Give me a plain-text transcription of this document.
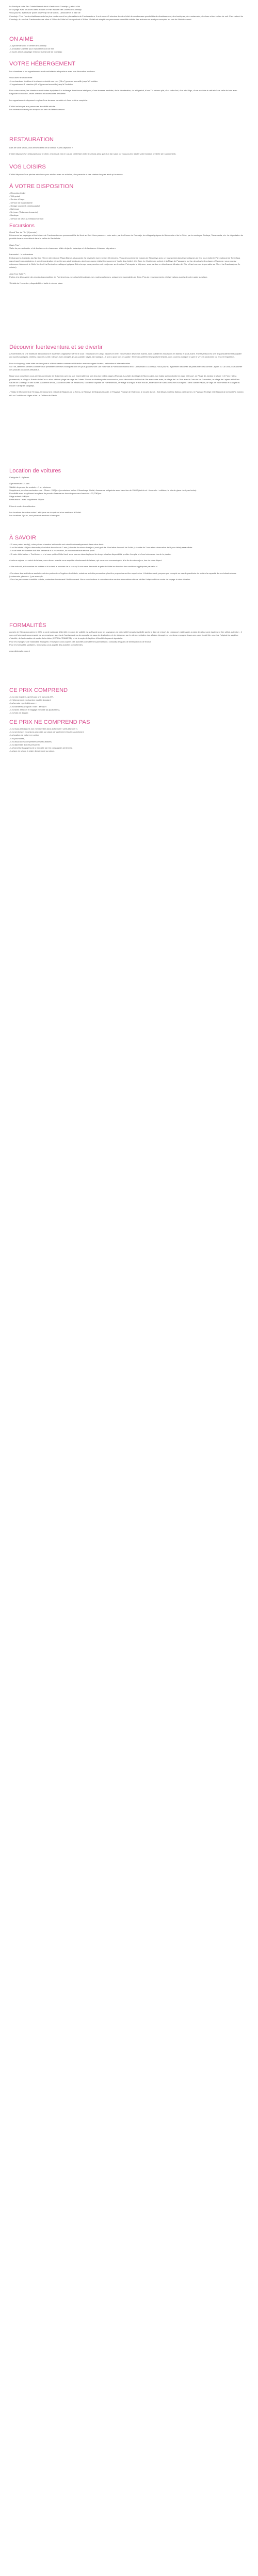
Le Boutique Hotel Tao Caleta Mar est situé à l'entrée de Corralejo, juste à côté
de la plage avec un accès direct et dans le Parc Naturel des Dunes de Corralejo.
Vous pourrez apercevoir (voire observer) l'île de Lobos, Lanzarote et la baie de
Corralejo. C'est l'un des établissements les plus modernes et les plus raffinés de Fuerteventura. Il se trouve à 5 minutes de votre hôtel de nombreuses possibilités de divertissement, des boutiques, des restaurants, des bars et des boîtes de nuit. Parc naturel de Corralejo, du nord de Fuerteventura se situe à 29 km de l'hôtel et l'aéroport est à 36 km. L'hôtel est adapté aux personnes à mobilité réduite. Les animaux ne sont pas acceptés au sein de l'établissement.

ON AIME

- La proximité avec le centre de Corralejo
- La situation parfaite pour explorer le nord de l'île
- L'accès direct à la plage et la vue sur la baie de Corralejo

VOTRE HÉBERGEMENT

Les chambres et les appartements sont confortables et spacieux avec une décoration moderne.

Vous aurez le choix entre :
- Les chambres doubles et la chambre double vue mer (28 m²) pouvant accueillir jusqu'à 3 adultes
- L'appartement 1 chambre (40 m²) pouvant accueillir jusqu'à 3 adultes

Pour votre confort, les chambres sont toutes équipées d'un éclairage d'ambiance intelligent, d'une terrasse meublée, de la climatisation, du wifi gratuit, d'une TV à écran plat, d'un coffre-fort, d'un mini-frigo, d'une machine à café et d'une salle de bain avec baignoire ou douche, sèche-cheveux et accessoires de toilette.

Les appartements disposent en plus d'une terrasse meublée et d'une cuisine complète.

L'hôtel est adapté aux personnes à mobilité réduite.
Les animaux ne sont pas acceptés au sein de l'établissement.

RESTAURATION

Lors de votre séjour, vous bénéficierez de la formule « petit-déjeuner ».

L'hôtel dispose d'un restaurant pour le dîner, d'un snack bar en cas de petite faim entre les repas ainsi que d'un bar salon où vous pourrez siroter votre boisson préférée (en supplément).

VOS LOISIRS

L'hôtel dispose d'une piscine extérieure pour adultes avec un solarium, des parasols et des chaises longues ainsi qu'un sauna.

À VOTRE DISPOSITION

- Réception 24/24
- Wifi gratuit
- Service d'étage
- Service de blanchisserie
- Garage couvert & parking gratuit
- Barbecue
- Un jouer (Relax sur demande)
- Boutique
- Service de vélos surveillance de nuit

Excursions

Grand Tour de l'île* (1 journée) :
Découvrez les paysages et les trésors de Fuerteventura en parcourant l'île du Nord au Sud. Vous passerez, entre autre, par les Dunes de Corralejo, les villages typiques de Betancuria et de la Oliva, par la montagne Tindaya, Tiscamanita, etc. La dégustation de produits locaux vous attend dans la vallée de Santa Inés.

Oasis Parc* :
Visite du parc animalier et de la réserve de chameaux. Visite du jardin botanique et de la réserve d'oiseaux migrateurs.

Lanzarote* : le volcanisme
Embarquez à Corralejo (au Nord de l'île) en direction de Playa Blanca à Lanzarote (la traversée dure environ 30 minutes). Vous découvrirez les volcans de Timanfaya avec un bus spécial dans les montagnes de feu, pour visiter le Parc national de Timanfaya dans lequel vous assisterez à une démonstration d'expériences géothermiques, ainsi vous aurez réalisé le mouvement "roulis des étoiles" à la Gare. Le Cratère (en option) et la Playa de Papagayo, ou l'un des plus belles plages d'Espagne, vous pourrez notamment découvrir le Golfo Verde et La Gería et ses villages typiques. Entre-temps vous prendrez votre déjeuner sur le retour. Puis après le déjeuner, vous partirez en direction du Mirador del Río, offrant une vue imprenable sur l'île et La Graciosa (une île voisine).

Jeep Tour Safari* :
Partez à la découverte des recoins inaccessibles de Fuerteventura, ses plus belles plages, ses routes rocheuses, uniquement accessibles en Jeep. Plus de renseignements et réservations auprès de votre guide sur place.

*Détails de l'excursion, disponibilité et tarifs à voir sur place.

Découvrir fuerteventura et se divertir

A Fuerteventura, une multitude d'excursions et d'activités originales s'offrent à vous : Excursions en Jeep, balades en mer, l'observation des fonds marins, sans oublier les excursions en bateau et sous-marin. Fuerteventura est une île particulièrement adaptée aux sports nautiques. Voiliers, planche à voile, kitesurf, surf, plongée, jet-ski, paddle, kayak, ski nautique... Il y en a pour tous les goûts ! Et si vous préférez les sports terrestres, vous pourrez pratiquer le golf, le VTT, la randonnée ou encore l'équitation.

Pour le shopping, votre hôtel se situe juste à côté du centre commercial Atlántico avec enseignes locales, nationales et internationales.
Sur l'île, différents centres commerciaux présentent diverses boutiques dont les plus grandes sont Las Rotondas à Puerto del Rosario et El Campanario à Corralejo. Vous pourrez également découvrir de petits marchés comme Lajares ou La Oliva pour acheter des produits locaux et artisanaux.

Nous vous conseillons vous arrêter au mirador de Sotavento avec sa vue imprenable sur une des plus belles plages d'Europe. La visite du village de Morro Jable, son église qui surplombe la plage et le port. Le Phare de Jandía, le phare « el Faro » et sa promenade, le village « Puerto de la Cruz » et sa célèbre plage sauvage de Cofete. Si vous souhaitez partir en excursion, vous découvrirez le Nord de l'île avec entre autre, le village de La Oliva avec la Casa de los Coroneles, le village de Lajares et le Parc naturel de Corralejo et ses dunes. Au centre de l'île, à la découverte de Betancuria, l'ancienne capitale de Fuerteventura, le village d'Antigua et son moulin, et la vallée de Santa Inés avec son église. Sans oublier Pájara, la Vega de Río Palmas et la Lajita ou encore Tuineje et Tarajalejo.

- Visitez le Monument de Tindaya, le Monument naturel de Malpaís de la Arena, la Réserve de Malpaís Grande, le Paysage Protégé de Vallebrón, le musée du sel - Salt Museum et les Salinas del Carmen, le Paysage Protégé et le Natural de la Montaña Cardón et Los Cuchillos de Vigán et de La Caldera de Gairía.

Location de voitures

Catégorie A : 4 places

Âge minimum : 21 ans
Validité du permis de conduire : 1 an minimum
Supplément pour les conducteurs de : 21ans - 20€/jour (conducteur inclus : Kilométrage illimité, Assurance obligatoire avec franchise de 1500€ (inclut vol + incendie + collision, le bris de glace n'est pas inclus).
Possibilité avec supplément sur place de prendre l'assurance tous risques sans franchise : 22,70€/jour
Siège enfant : 9 €/jour
Rehausseur : avec supplément 36/jour

Prise et rendu des véhicules :

Les locations de voiture entre 1 et 6 jours se récupèrent et se restituent à l'hôtel.
Les locations 7 jours, sont prises et rendues à l'aéroport

À SAVOIR

- Si vous partez seul(e), votre prix en chambre individuelle est calculé automatiquement dans votre devis.
- Les lits bébés + lit (sur demande) d'un bébé de moins de 2 ans (à la date du retour de séjour) sont gratuits. Une lettre d'accueil de l'hôtel (à la date de 2 ans et en réservation de lit pour bébé) sera offerte.
- Le cot bébé en chambre doit être demandé à la réservation, ils vous seront facturés sur place.
- Si votre hôtel est en « Tout Inclus » et si vous quittez l'hôtel tard, vous pourrez dans la plupart du temps et selon disponibilité profiter d'un plat et d'une boisson au bar de la piscine.

A cela se rajoute un calcul de la taxe, vous devrez ensuite vous acquitter directement de la taxe, qui vous sera communiquée, à la fin de votre séjour, lors de votre départ.

A titre indicatif, si le nombre de nuitées et d'un tarif, le montant de la taxe qu'il vous sera demandé auprès de l'hôtel en fonction des conditions appliquées par celui-ci.

- En raison des restrictions sanitaires et des protocoles d'hygiène des hôtels, certaines activités peuvent ne plus être proposées ou être supprimées. L'établissement, propose par exemple en cas de pandémie de réduire la capacité de ses infrastructures (restaurants, piscines...) par exemple.
- Pour les personnes à mobilité réduite, contactez directement l'établissement. Nous vous invitons à contacter notre service réservations afin de vérifier l'adaptabilité au mode de voyage à votre situation.

FORMALITÉS

Au sein de l'Union européenne (UE), la carte nationale d'identité en cours de validité est suffisante pour les voyageurs de nationalité française (validité après la date de retour). Le passeport valide après la date de retour peut également être utilisé. Attention : il vous est fortement recommandé de se renseigner auprès de l'ambassade ou du consulat du pays de destination, et de s'informer sur le site du ministère des affaires étrangères. Le mineur voyageant sans ses parents doit être muni de l'original de sa pièce d'identité, de l'autorisation de sortie du territoire (CERFA n°15646*01), et de la copie de la pièce d'identité du parent signataire.
Pour les voyageurs de nationalité étrangère, renseignez-vous auprès des autorités compétentes (ambassade, consulat) des pays de destination ou de transit.
Pour les formalités sanitaires, renseignez-vous auprès des autorités compétentes.

www.diplomatie.gouv.fr

CE PRIX COMPREND

- Les vols réguliers, opérés par une low-cost A/R,
- L'hébergement en chambre double standard,
- La formule « petit-déjeuner »,
- Les transferts aéroport / hôtel / aéroport
- Les taxes aéroport et bagage en soute (si applicables),
- Les frais de dossier.

CE PRIX NE COMPREND PAS

- Les repas et boissons non mentionnées dans la formule « petit-déjeuner »,
- Les services et excursions proposés sur place par agrément et/ou le cas échéant,
- La location de voiture en option,
- Les pourboires,
- Les assurances complémentaires facultatives,
- Les dépenses d'ordre personnel,
- La franchise bagage lourd si imposée par les compagnies aériennes.
- La taxe de séjour, à régler directement sur place.
